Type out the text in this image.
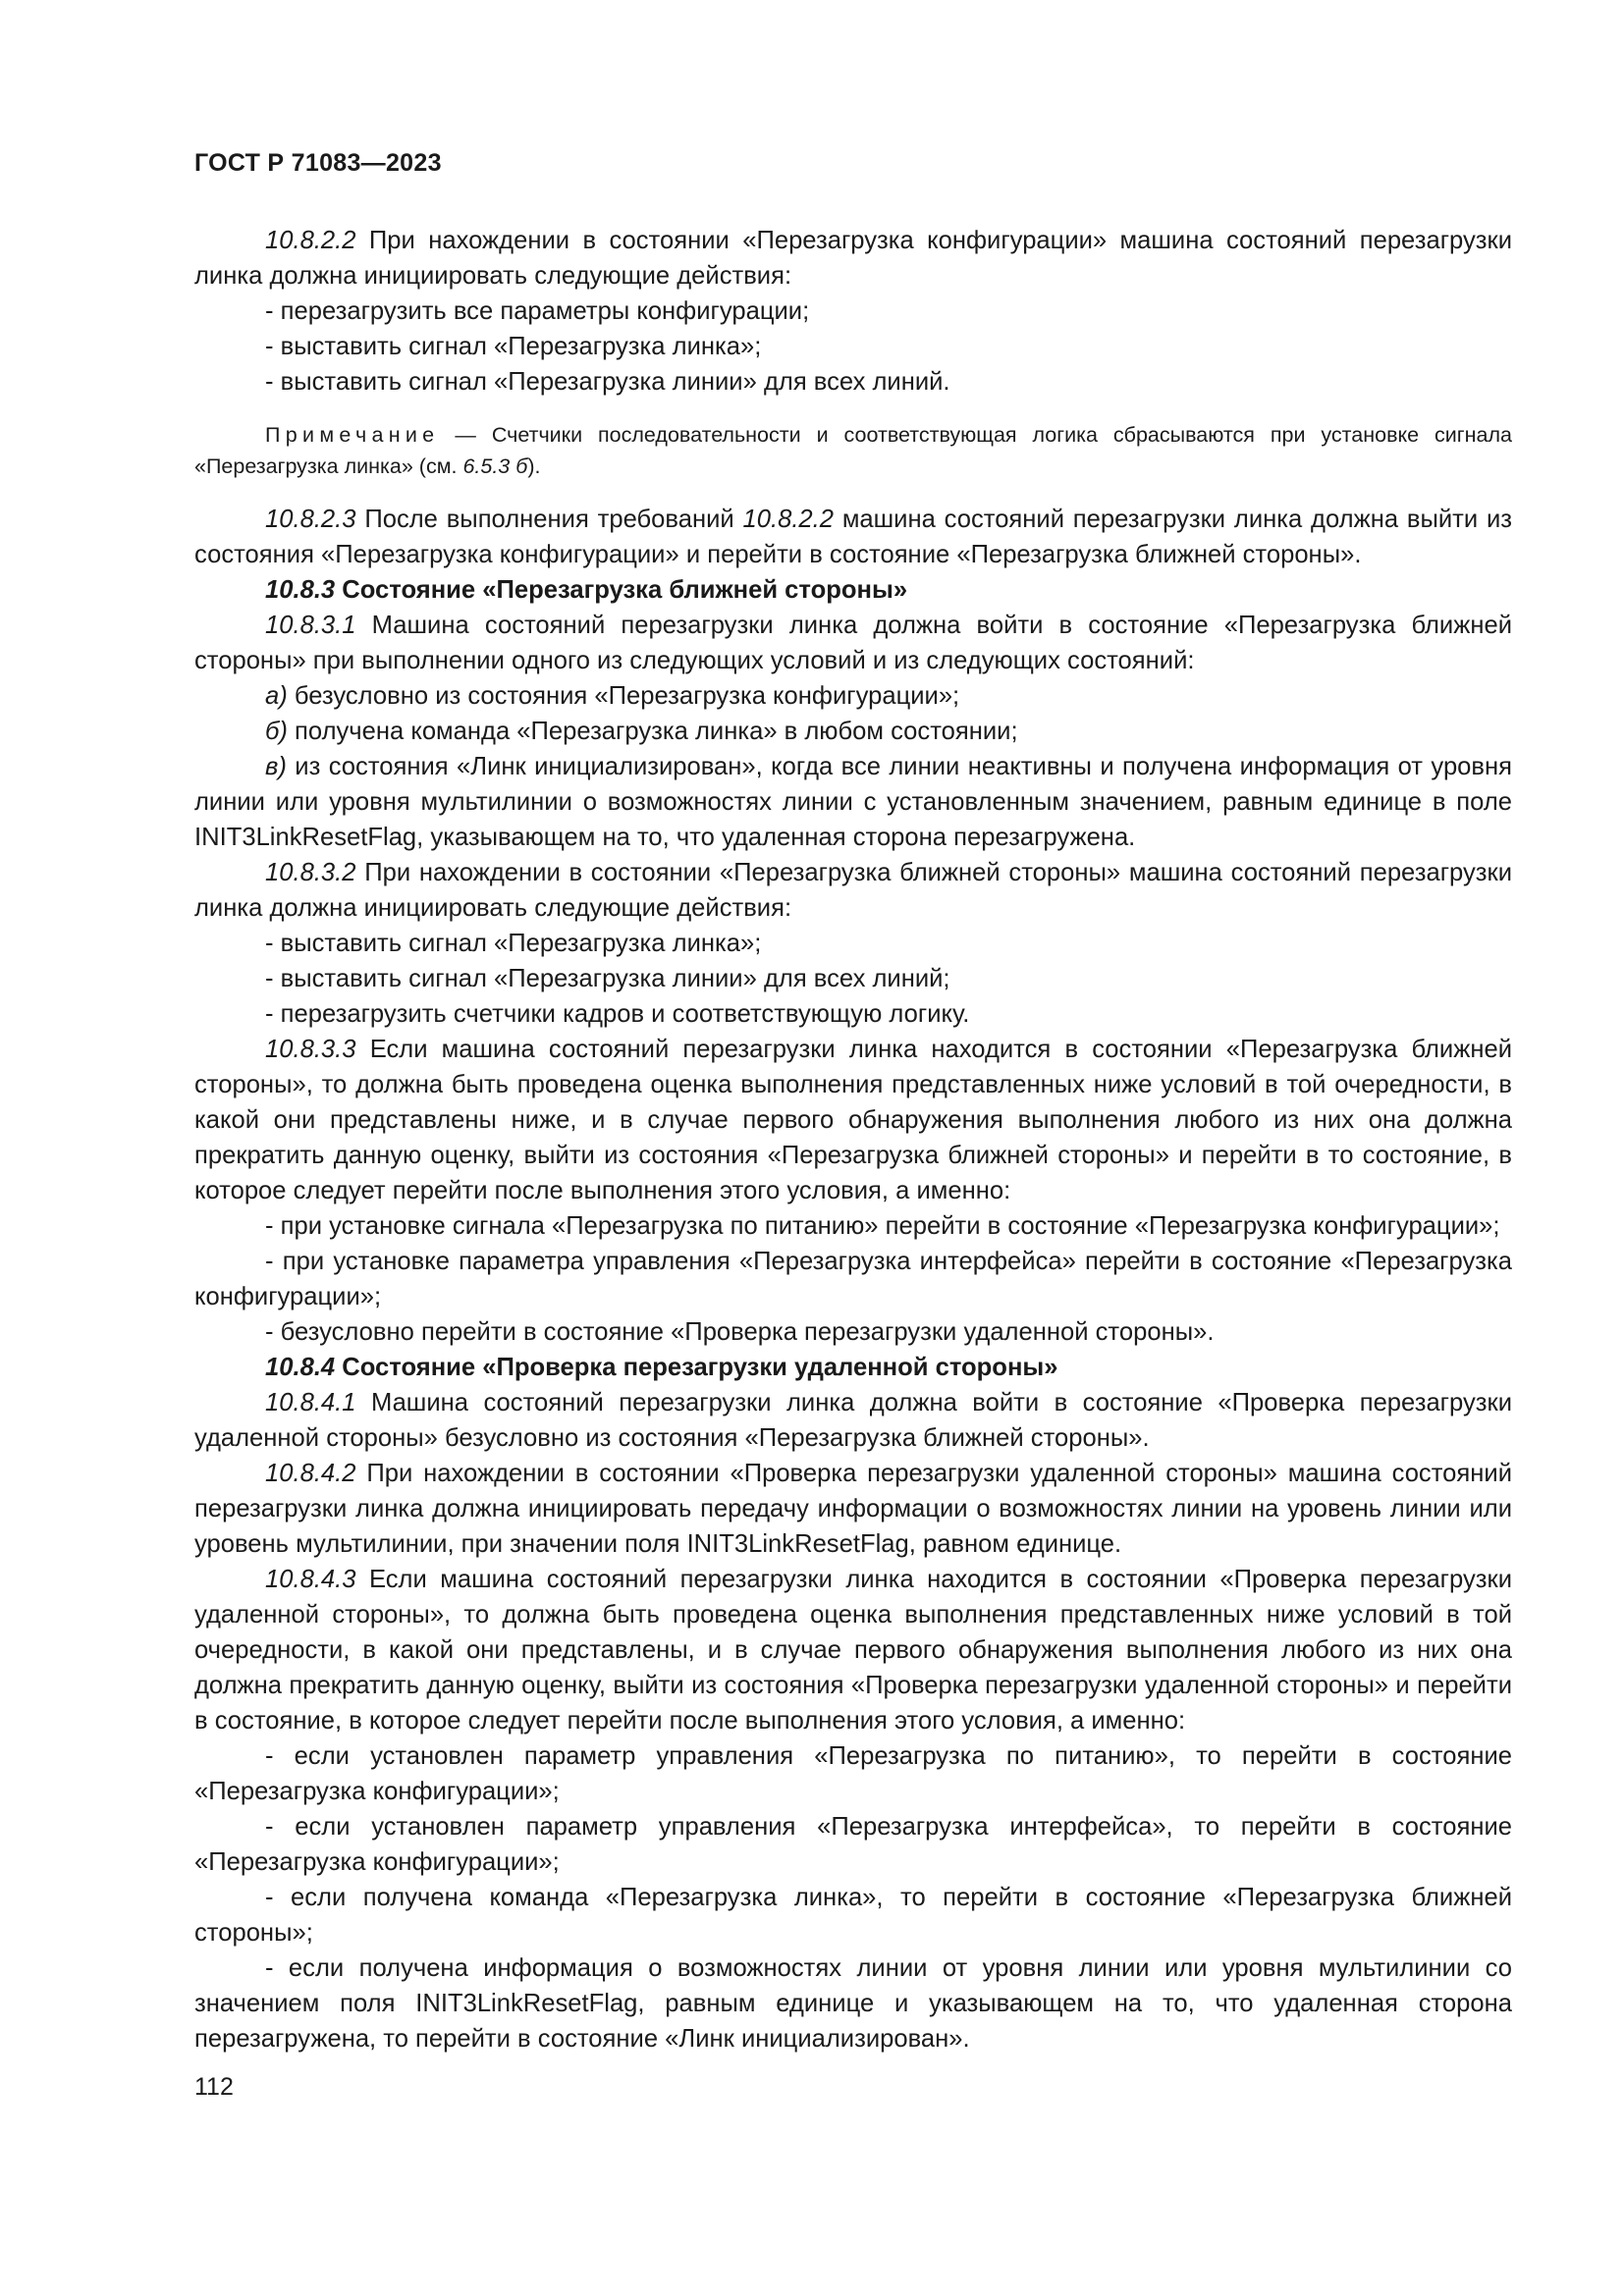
ГОСТ Р 71083—2023

10.8.2.2 При нахождении в состоянии «Перезагрузка конфигурации» машина состояний перезагрузки линка должна инициировать следующие действия:

- перезагрузить все параметры конфигурации;

- выставить сигнал «Перезагрузка линка»;

- выставить сигнал «Перезагрузка линии» для всех линий.

Примечание — Счетчики последовательности и соответствующая логика сбрасываются при установке сигнала «Перезагрузка линка» (см. 6.5.3 б).

10.8.2.3 После выполнения требований 10.8.2.2 машина состояний перезагрузки линка должна выйти из состояния «Перезагрузка конфигурации» и перейти в состояние «Перезагрузка ближней стороны».

10.8.3 Состояние «Перезагрузка ближней стороны»

10.8.3.1 Машина состояний перезагрузки линка должна войти в состояние «Перезагрузка ближней стороны» при выполнении одного из следующих условий и из следующих состояний:

а) безусловно из состояния «Перезагрузка конфигурации»;

б) получена команда «Перезагрузка линка» в любом состоянии;

в) из состояния «Линк инициализирован», когда все линии неактивны и получена информация от уровня линии или уровня мультилинии о возможностях линии с установленным значением, равным единице в поле INIT3LinkResetFlag, указывающем на то, что удаленная сторона перезагружена.

10.8.3.2 При нахождении в состоянии «Перезагрузка ближней стороны» машина состояний перезагрузки линка должна инициировать следующие действия:

- выставить сигнал «Перезагрузка линка»;

- выставить сигнал «Перезагрузка линии» для всех линий;

- перезагрузить счетчики кадров и соответствующую логику.

10.8.3.3 Если машина состояний перезагрузки линка находится в состоянии «Перезагрузка ближней стороны», то должна быть проведена оценка выполнения представленных ниже условий в той очередности, в какой они представлены ниже, и в случае первого обнаружения выполнения любого из них она должна прекратить данную оценку, выйти из состояния «Перезагрузка ближней стороны» и перейти в то состояние, в которое следует перейти после выполнения этого условия, а именно:

- при установке сигнала «Перезагрузка по питанию» перейти в состояние «Перезагрузка конфигурации»;

- при установке параметра управления «Перезагрузка интерфейса» перейти в состояние «Перезагрузка конфигурации»;

- безусловно перейти в состояние «Проверка перезагрузки удаленной стороны».

10.8.4 Состояние «Проверка перезагрузки удаленной стороны»

10.8.4.1 Машина состояний перезагрузки линка должна войти в состояние «Проверка перезагрузки удаленной стороны» безусловно из состояния «Перезагрузка ближней стороны».

10.8.4.2 При нахождении в состоянии «Проверка перезагрузки удаленной стороны» машина состояний перезагрузки линка должна инициировать передачу информации о возможностях линии на уровень линии или уровень мультилинии, при значении поля INIT3LinkResetFlag, равном единице.

10.8.4.3 Если машина состояний перезагрузки линка находится в состоянии «Проверка перезагрузки удаленной стороны», то должна быть проведена оценка выполнения представленных ниже условий в той очередности, в какой они представлены, и в случае первого обнаружения выполнения любого из них она должна прекратить данную оценку, выйти из состояния «Проверка перезагрузки удаленной стороны» и перейти в состояние, в которое следует перейти после выполнения этого условия, а именно:

- если установлен параметр управления «Перезагрузка по питанию», то перейти в состояние «Перезагрузка конфигурации»;

- если установлен параметр управления «Перезагрузка интерфейса», то перейти в состояние «Перезагрузка конфигурации»;

- если получена команда «Перезагрузка линка», то перейти в состояние «Перезагрузка ближней стороны»;

- если получена информация о возможностях линии от уровня линии или уровня мультилинии со значением поля INIT3LinkResetFlag, равным единице и указывающем на то, что удаленная сторона перезагружена, то перейти в состояние «Линк инициализирован».

112
